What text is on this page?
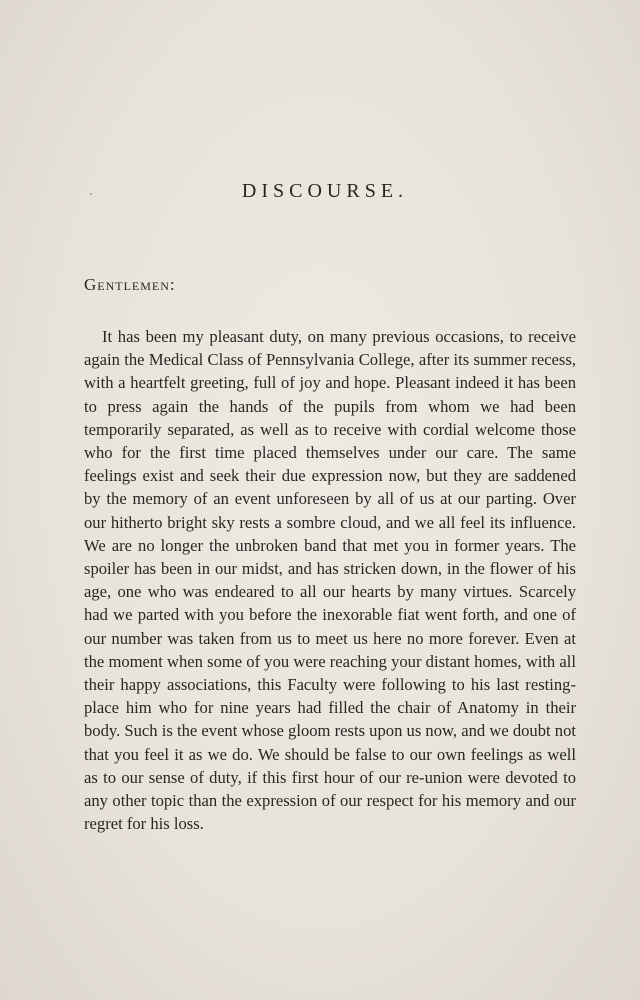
DISCOURSE.

Gentlemen:

It has been my pleasant duty, on many previous occasions, to receive again the Medical Class of Pennsylvania College, after its summer recess, with a heartfelt greeting, full of joy and hope. Pleasant indeed it has been to press again the hands of the pupils from whom we had been temporarily separated, as well as to receive with cordial welcome those who for the first time placed themselves under our care. The same feelings exist and seek their due expression now, but they are saddened by the memory of an event unforeseen by all of us at our parting. Over our hitherto bright sky rests a sombre cloud, and we all feel its influence. We are no longer the unbroken band that met you in former years. The spoiler has been in our midst, and has stricken down, in the flower of his age, one who was endeared to all our hearts by many virtues. Scarcely had we parted with you before the inexorable fiat went forth, and one of our number was taken from us to meet us here no more forever. Even at the moment when some of you were reaching your distant homes, with all their happy associations, this Faculty were following to his last resting-place him who for nine years had filled the chair of Anatomy in their body. Such is the event whose gloom rests upon us now, and we doubt not that you feel it as we do. We should be false to our own feelings as well as to our sense of duty, if this first hour of our re-union were devoted to any other topic than the expression of our respect for his memory and our regret for his loss.
